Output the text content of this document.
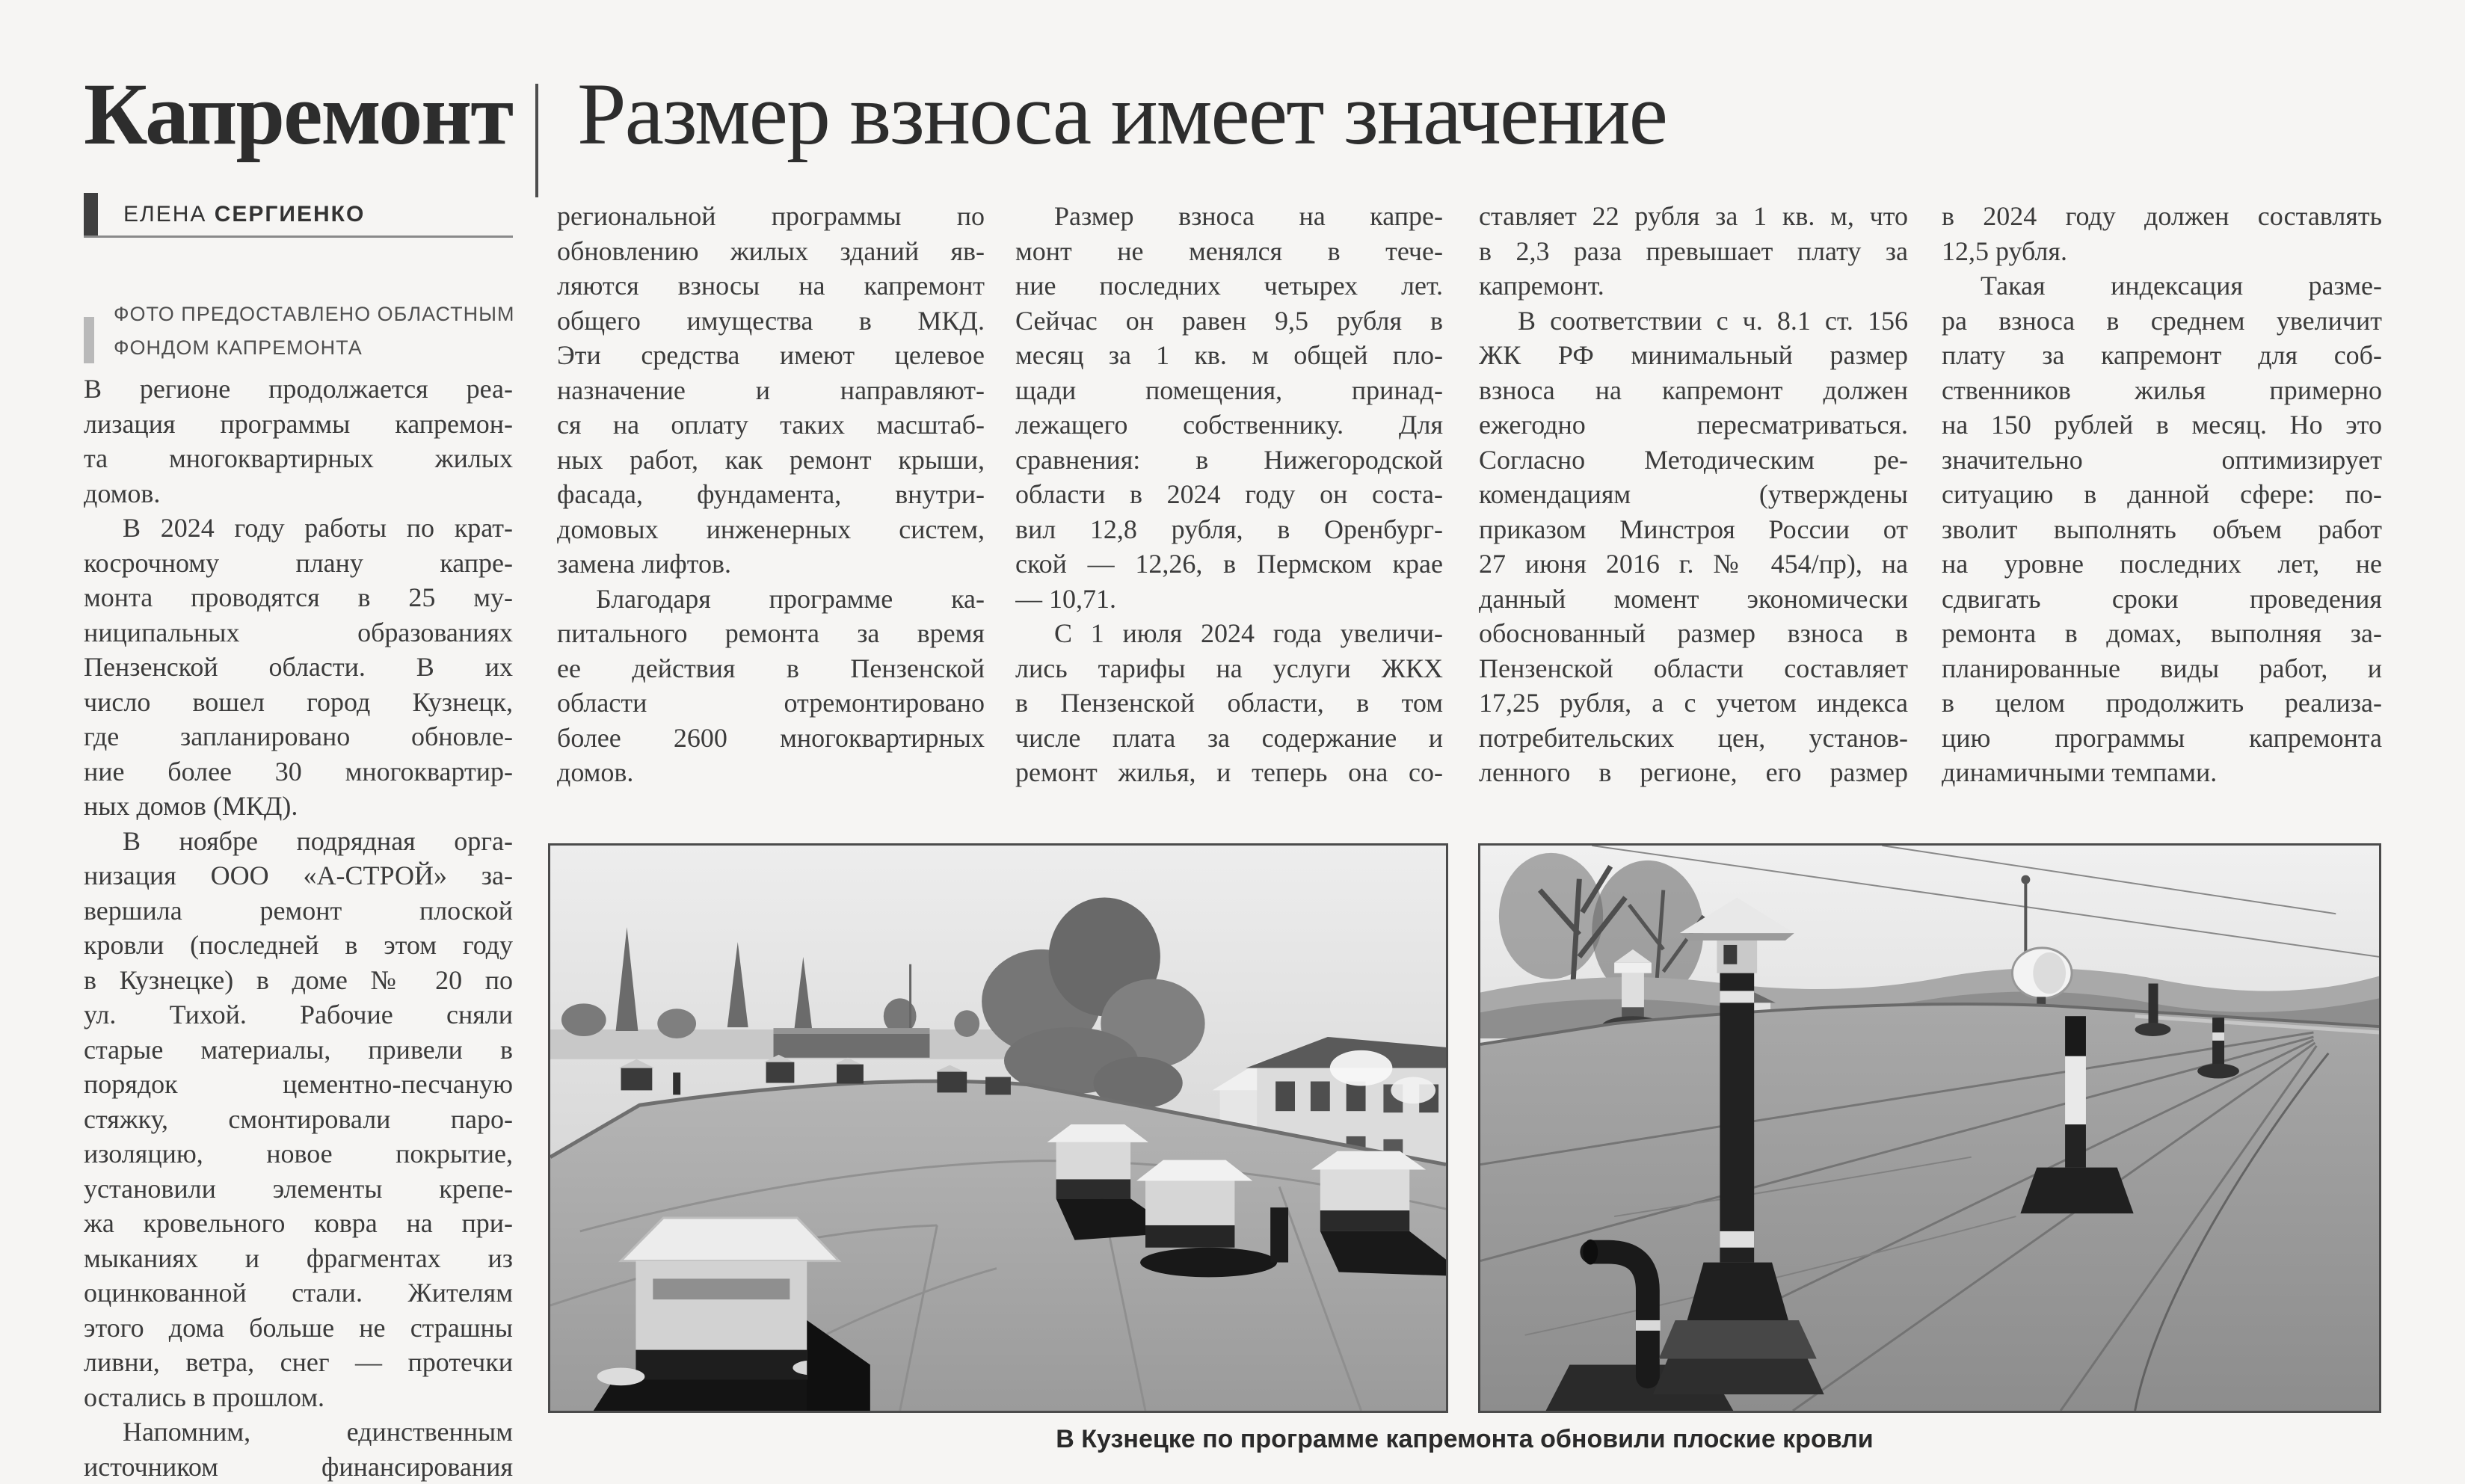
Капремонт Размер взноса имеет значение
ЕЛЕНА СЕРГИЕНКО
ФОТО ПРЕДОСТАВЛЕНО ОБЛАСТНЫМ
ФОНДОМ КАПРЕМОНТА
В регионе продолжается реа-
лизация программы капремон-
та многоквартирных жилых
домов.
В 2024 году работы по крат-
косрочному плану капре-
монта проводятся в 25 му-
ниципальных образованиях
Пензенской области. В их
число вошел город Кузнецк,
где запланировано обновле-
ние более 30 многоквартир-
ных домов (МКД).
В ноябре подрядная орга-
низация ООО «А-СТРОЙ» за-
вершила ремонт плоской
кровли (последней в этом году
в Кузнецке) в доме № 20 по
ул. Тихой. Рабочие сняли
старые материалы, привели в
порядок цементно-песчаную
стяжку, смонтировали паро-
изоляцию, новое покрытие,
установили элементы крепе-
жа кровельного ковра на при-
мыканиях и фрагментах из
оцинкованной стали. Жителям
этого дома больше не страшны
ливни, ветра, снег — протечки
остались в прошлом.
Напомним, единственным
источником финансирования
региональной программы по
обновлению жилых зданий яв-
ляются взносы на капремонт
общего имущества в МКД.
Эти средства имеют целевое
назначение и направляют-
ся на оплату таких масштаб-
ных работ, как ремонт крыши,
фасада, фундамента, внутри-
домовых инженерных систем,
замена лифтов.
Благодаря программе ка-
питального ремонта за время
ее действия в Пензенской
области отремонтировано
более 2600 многоквартирных
домов.
Размер взноса на капре-
монт не менялся в тече-
ние последних четырех лет.
Сейчас он равен 9,5 рубля в
месяц за 1 кв. м общей пло-
щади помещения, принад-
лежащего собственнику. Для
сравнения: в Нижегородской
области в 2024 году он соста-
вил 12,8 рубля, в Оренбург-
ской — 12,26, в Пермском крае
— 10,71.
С 1 июля 2024 года увеличи-
лись тарифы на услуги ЖКХ
в Пензенской области, в том
числе плата за содержание и
ремонт жилья, и теперь она со-
ставляет 22 рубля за 1 кв. м, что
в 2,3 раза превышает плату за
капремонт.
В соответствии с ч. 8.1 ст. 156
ЖК РФ минимальный размер
взноса на капремонт должен
ежегодно пересматриваться.
Согласно Методическим ре-
комендациям (утверждены
приказом Минстроя России от
27 июня 2016 г. № 454/пр), на
данный момент экономически
обоснованный размер взноса в
Пензенской области составляет
17,25 рубля, а с учетом индекса
потребительских цен, установ-
ленного в регионе, его размер
в 2024 году должен составлять
12,5 рубля.
Такая индексация разме-
ра взноса в среднем увеличит
плату за капремонт для соб-
ственников жилья примерно
на 150 рублей в месяц. Но это
значительно оптимизирует
ситуацию в данной сфере: по-
зволит выполнять объем работ
на уровне последних лет, не
сдвигать сроки проведения
ремонта в домах, выполняя за-
планированные виды работ, и
в целом продолжить реализа-
цию программы капремонта
динамичными темпами.
В Кузнецке по программе капремонта обновили плоские кровли
